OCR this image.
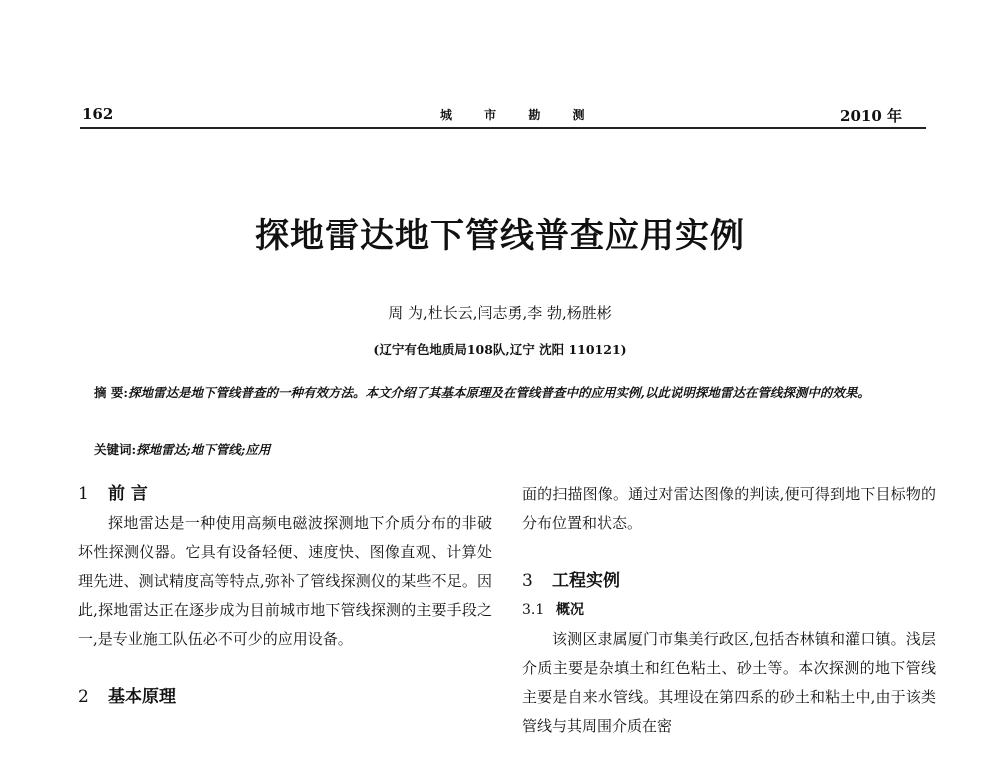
162	城 市 勘 测	2010 年
探地雷达地下管线普查应用实例
周 为,杜长云,闫志勇,李 勃,杨胜彬
(辽宁有色地质局108队,辽宁 沈阳 110121)
摘 要:探地雷达是地下管线普查的一种有效方法。本文介绍了其基本原理及在管线普查中的应用实例,以此说明探地雷达在管线探测中的效果。
关键词:探地雷达;地下管线;应用
1 前 言

探地雷达是一种使用高频电磁波探测地下介质分布的非破坏性探测仪器。它具有设备轻便、速度快、图像直观、计算处理先进、测试精度高等特点,弥补了管线探测仪的某些不足。因此,探地雷达正在逐步成为目前城市地下管线探测的主要手段之一,是专业施工队伍必不可少的应用设备。

2 基本原理

面的扫描图像。通过对雷达图像的判读,便可得到地下目标物的分布位置和状态。

3 工程实例
3.1 概况

该测区隶属厦门市集美行政区,包括杏林镇和灌口镇。浅层介质主要是杂填土和红色粘土、砂土等。本次探测的地下管线主要是自来水管线。其埋设在第四系的砂土和粘土中,由于该类管线与其周围介质在密
